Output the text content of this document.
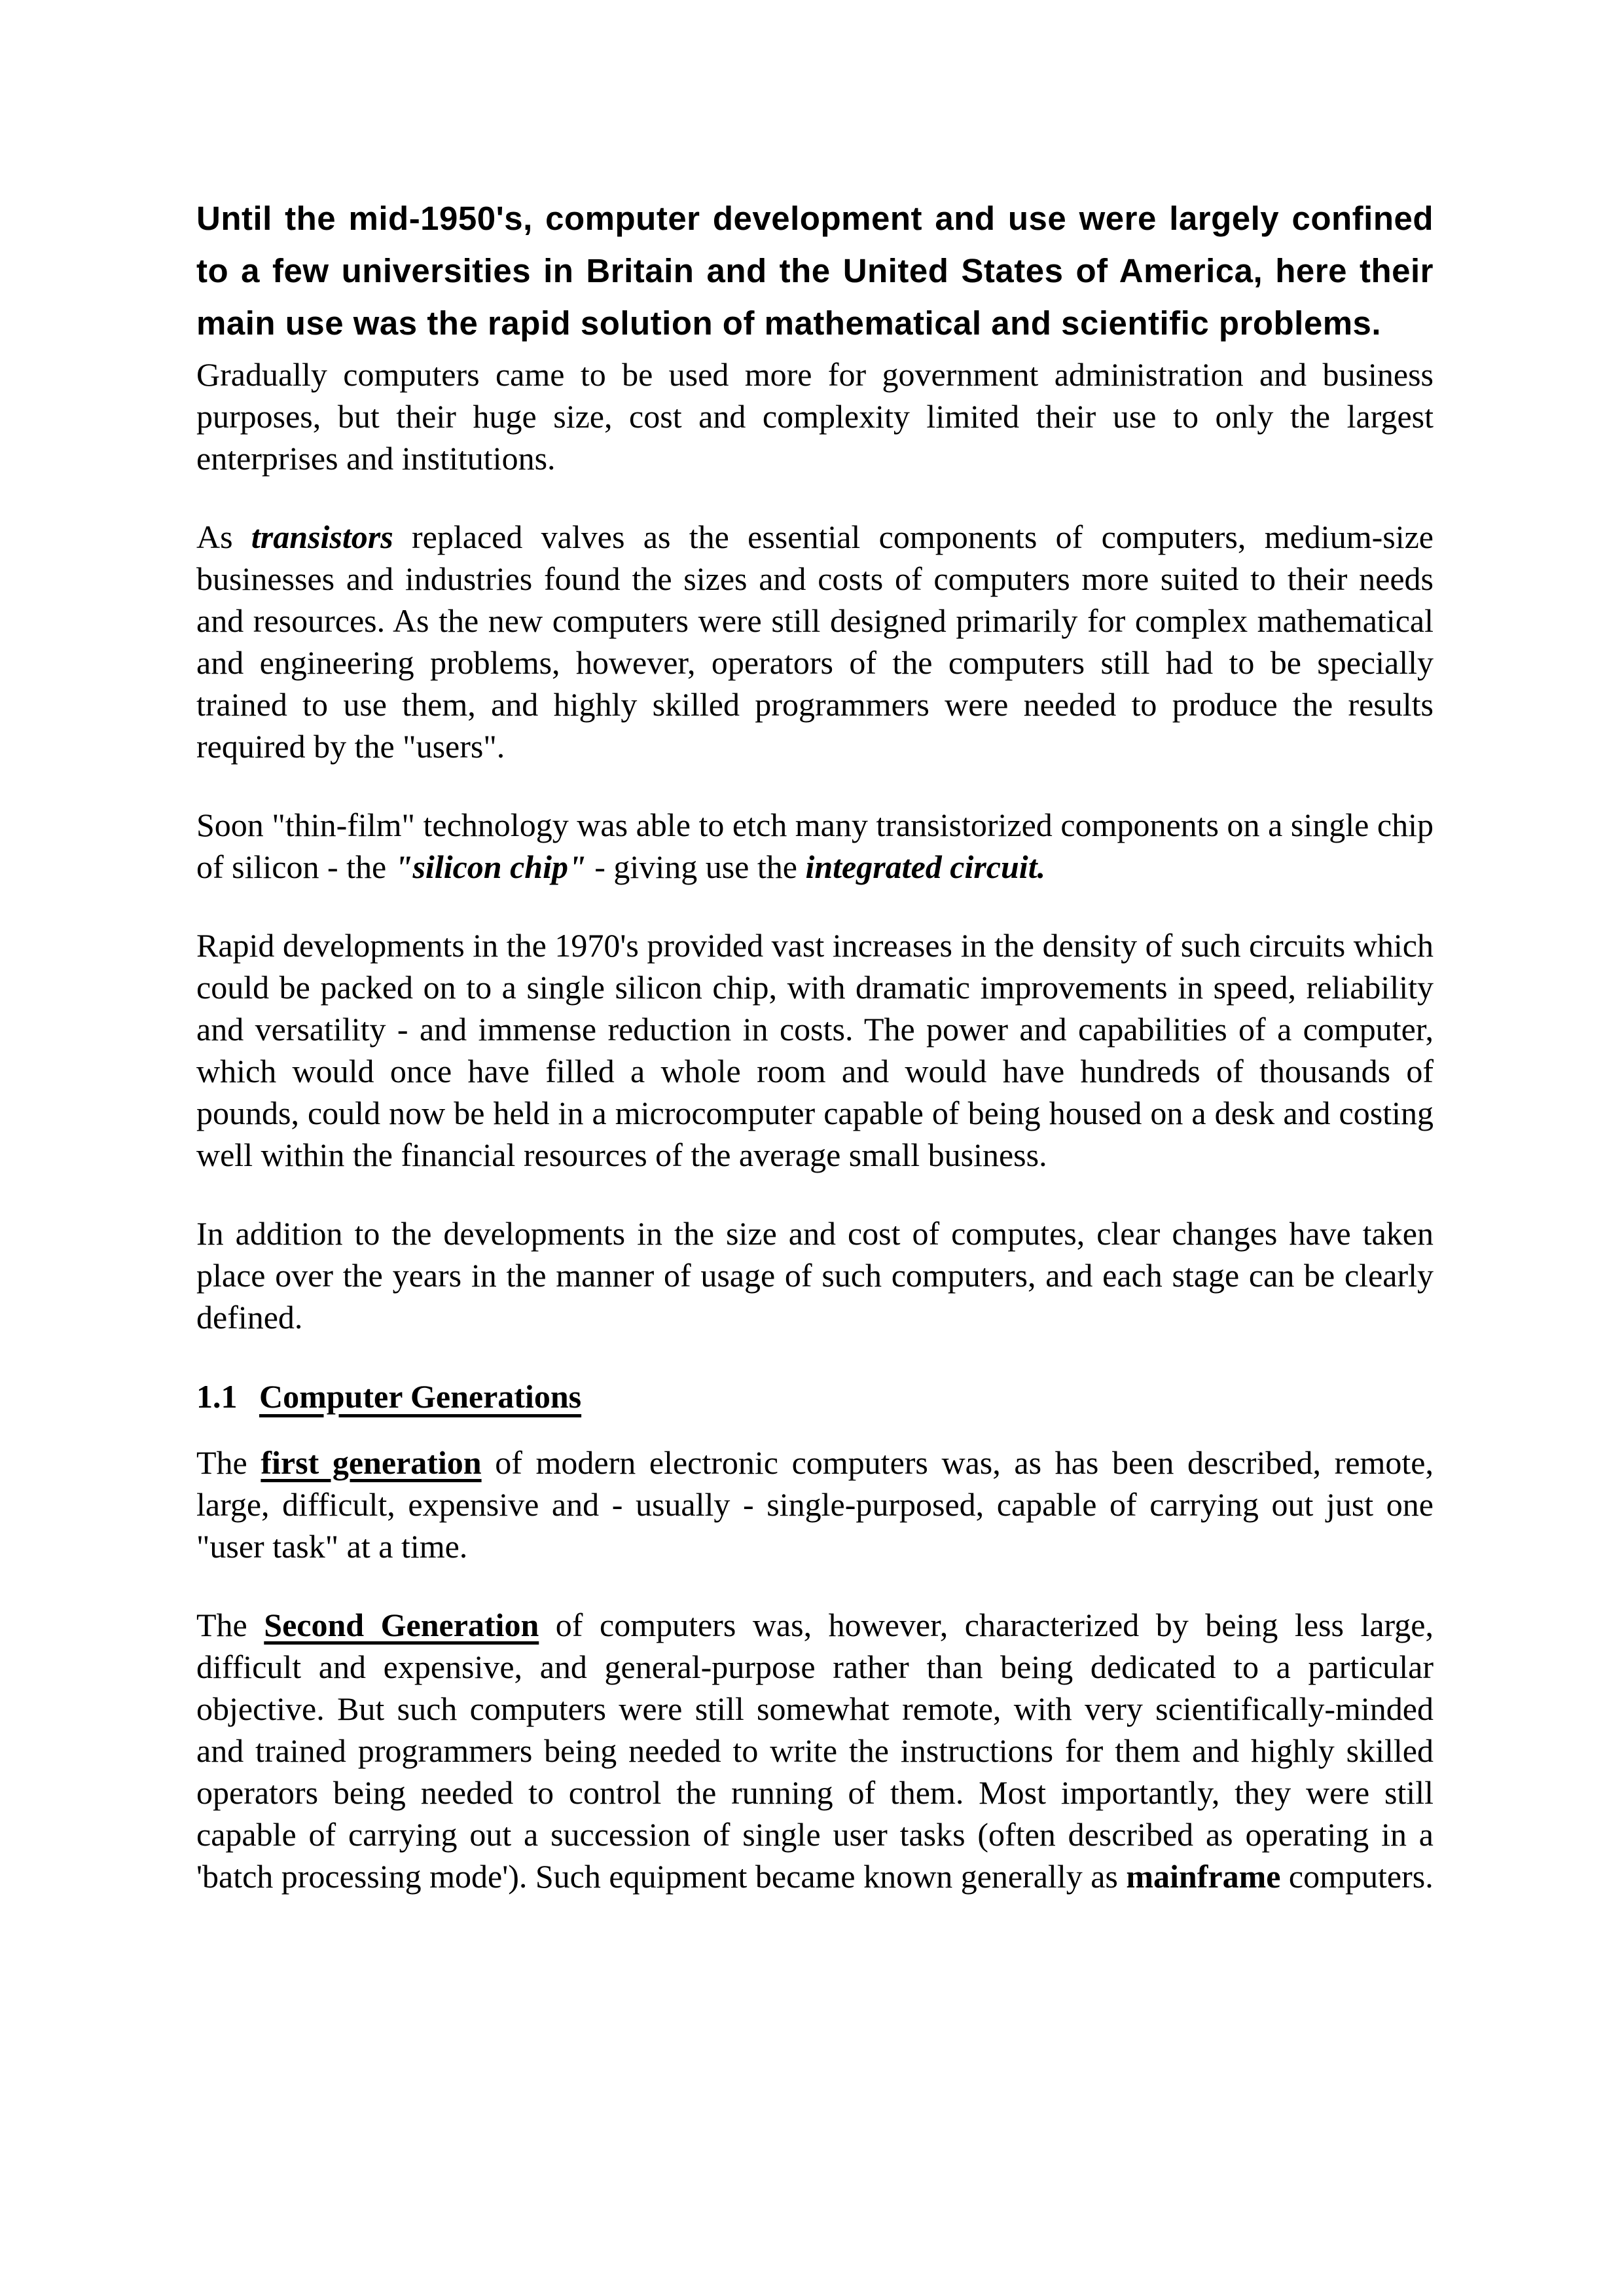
Until the mid-1950's, computer development and use were largely confined to a few universities in Britain and the United States of America, here their main use was the rapid solution of mathematical and scientific problems.

Gradually computers came to be used more for government administration and business purposes, but their huge size, cost and complexity limited their use to only the largest enterprises and institutions.

As transistors replaced valves as the essential components of computers, medium-size businesses and industries found the sizes and costs of computers more suited to their needs and resources. As the new computers were still designed primarily for complex mathematical and engineering problems, however, operators of the computers still had to be specially trained to use them, and highly skilled programmers were needed to produce the results required by the "users".

Soon "thin-film" technology was able to etch many transistorized components on a single chip of silicon - the "silicon chip" - giving use the integrated circuit.

Rapid developments in the 1970's provided vast increases in the density of such circuits which could be packed on to a single silicon chip, with dramatic improvements in speed, reliability and versatility - and immense reduction in costs. The power and capabilities of a computer, which would once have filled a whole room and would have hundreds of thousands of pounds, could now be held in a microcomputer capable of being housed on a desk and costing well within the financial resources of the average small business.

In addition to the developments in the size and cost of computes, clear changes have taken place over the years in the manner of usage of such computers, and each stage can be clearly defined.

1.1 Computer Generations

The first generation of modern electronic computers was, as has been described, remote, large, difficult, expensive and - usually - single-purposed, capable of carrying out just one "user task" at a time.

The Second Generation of computers was, however, characterized by being less large, difficult and expensive, and general-purpose rather than being dedicated to a particular objective. But such computers were still somewhat remote, with very scientifically-minded and trained programmers being needed to write the instructions for them and highly skilled operators being needed to control the running of them. Most importantly, they were still capable of carrying out a succession of single user tasks (often described as operating in a 'batch processing mode'). Such equipment became known generally as mainframe computers.
